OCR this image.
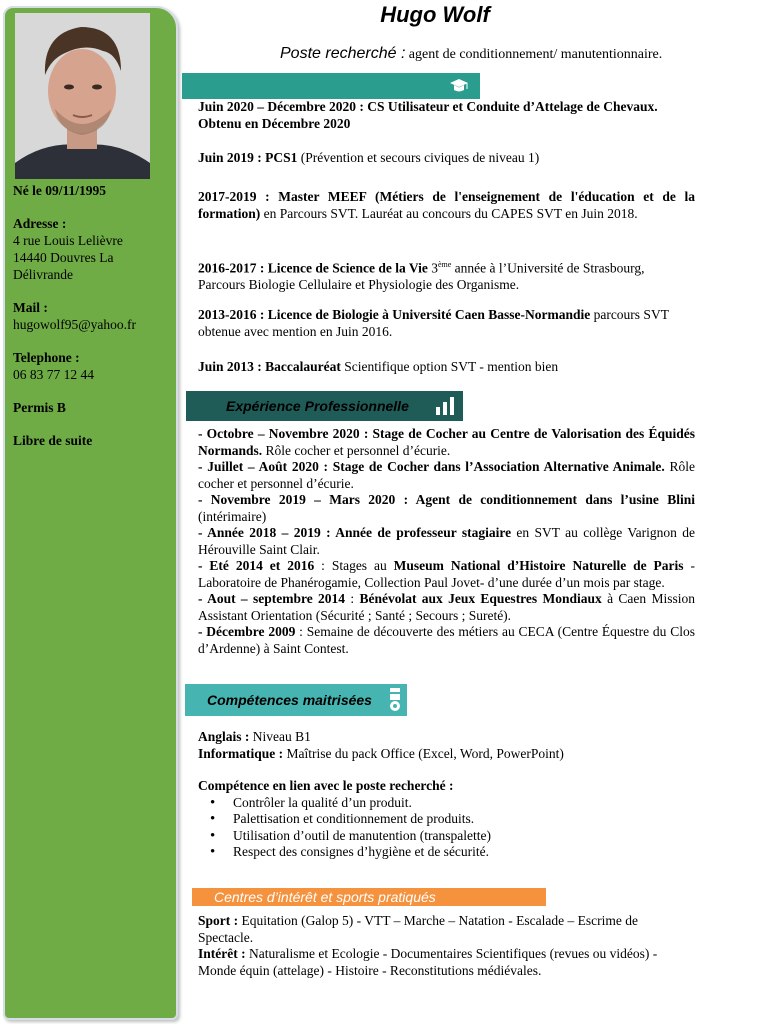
Né le 09/11/1995
Adresse :
4 rue Louis Lelièvre
14440 Douvres La
Délivrande
Mail :
hugowolf95@yahoo.fr
Telephone :
06 83 77 12 44
Permis B
Libre de suite
Hugo Wolf
Poste recherché : agent de conditionnement/ manutentionnaire.
Juin 2020 – Décembre 2020 : CS Utilisateur et Conduite d’Attelage de Chevaux. Obtenu en Décembre 2020
Juin 2019 : PCS1 (Prévention et secours civiques de niveau 1)
2017-2019 : Master MEEF (Métiers de l'enseignement de l'éducation et de la formation) en Parcours SVT. Lauréat au concours du CAPES SVT en Juin 2018.
2016-2017 : Licence de Science de la Vie 3ème année à l’Université de Strasbourg, Parcours Biologie Cellulaire et Physiologie des Organisme.
2013-2016 : Licence de Biologie à Université Caen Basse-Normandie parcours SVT obtenue avec mention en Juin 2016.
Juin 2013 : Baccalauréat Scientifique option SVT - mention bien
Expérience Professionnelle
- Octobre – Novembre 2020 : Stage de Cocher au Centre de Valorisation des Équidés Normands. Rôle cocher et personnel d’écurie.
- Juillet – Août 2020 : Stage de Cocher dans l’Association Alternative Animale. Rôle cocher et personnel d’écurie.
- Novembre 2019 – Mars 2020 : Agent de conditionnement dans l’usine Blini (intérimaire)
- Année 2018 – 2019 : Année de professeur stagiaire en SVT au collège Varignon de Hérouville Saint Clair.
- Eté 2014 et 2016 : Stages au Museum National d’Histoire Naturelle de Paris - Laboratoire de Phanérogamie, Collection Paul Jovet- d’une durée d’un mois par stage.
- Aout – septembre 2014 : Bénévolat aux Jeux Equestres Mondiaux à Caen Mission Assistant Orientation (Sécurité ; Santé ; Secours ; Sureté).
- Décembre 2009 : Semaine de découverte des métiers au CECA (Centre Équestre du Clos d’Ardenne) à Saint Contest.
Compétences maitrisées
Anglais : Niveau B1
Informatique : Maîtrise du pack Office (Excel, Word, PowerPoint)
Compétence en lien avec le poste recherché :
• Contrôler la qualité d’un produit.
• Palettisation et conditionnement de produits.
• Utilisation d’outil de manutention (transpalette)
• Respect des consignes d’hygiène et de sécurité.
Centres d’intérêt et sports pratiqués
Sport : Equitation (Galop 5) - VTT – Marche – Natation - Escalade – Escrime de Spectacle.
Intérêt : Naturalisme et Ecologie - Documentaires Scientifiques (revues ou vidéos) - Monde équin (attelage) - Histoire - Reconstitutions médiévales.
